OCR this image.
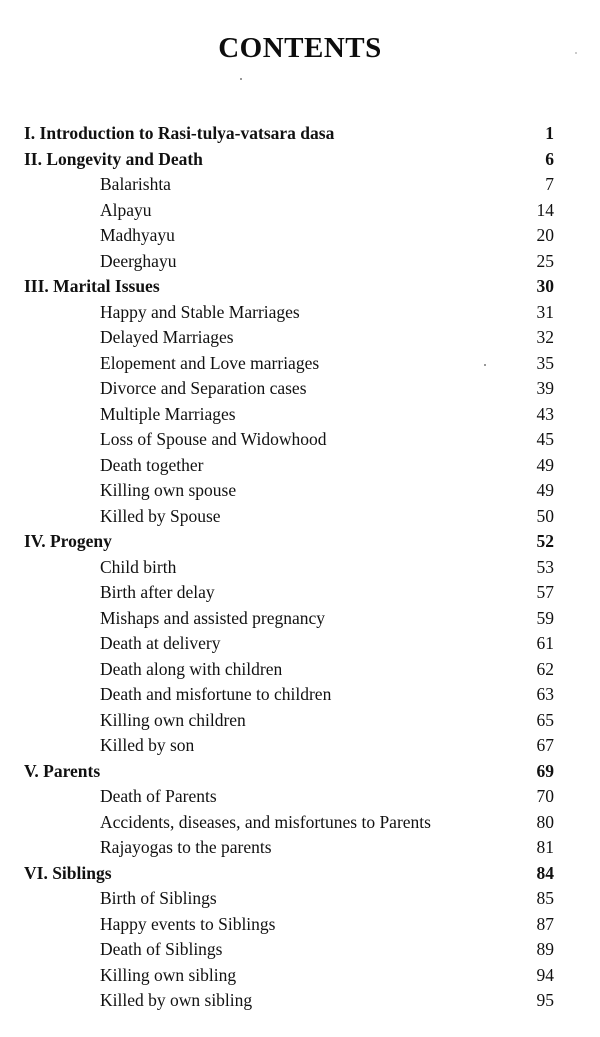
CONTENTS
I. Introduction to Rasi-tulya-vatsara dasa	1
II. Longevity and Death	6
Balarishta	7
Alpayu	14
Madhyayu	20
Deerghayu	25
III. Marital Issues	30
Happy and Stable Marriages	31
Delayed Marriages	32
Elopement and Love marriages	35
Divorce and Separation cases	39
Multiple Marriages	43
Loss of Spouse and Widowhood	45
Death together	49
Killing own spouse	49
Killed by Spouse	50
IV. Progeny	52
Child birth	53
Birth after delay	57
Mishaps and assisted pregnancy	59
Death at delivery	61
Death along with children	62
Death and misfortune to children	63
Killing own children	65
Killed by son	67
V. Parents	69
Death of Parents	70
Accidents, diseases, and misfortunes to Parents	80
Rajayogas to the parents	81
VI. Siblings	84
Birth of Siblings	85
Happy events to Siblings	87
Death of Siblings	89
Killing own sibling	94
Killed by own sibling	95
